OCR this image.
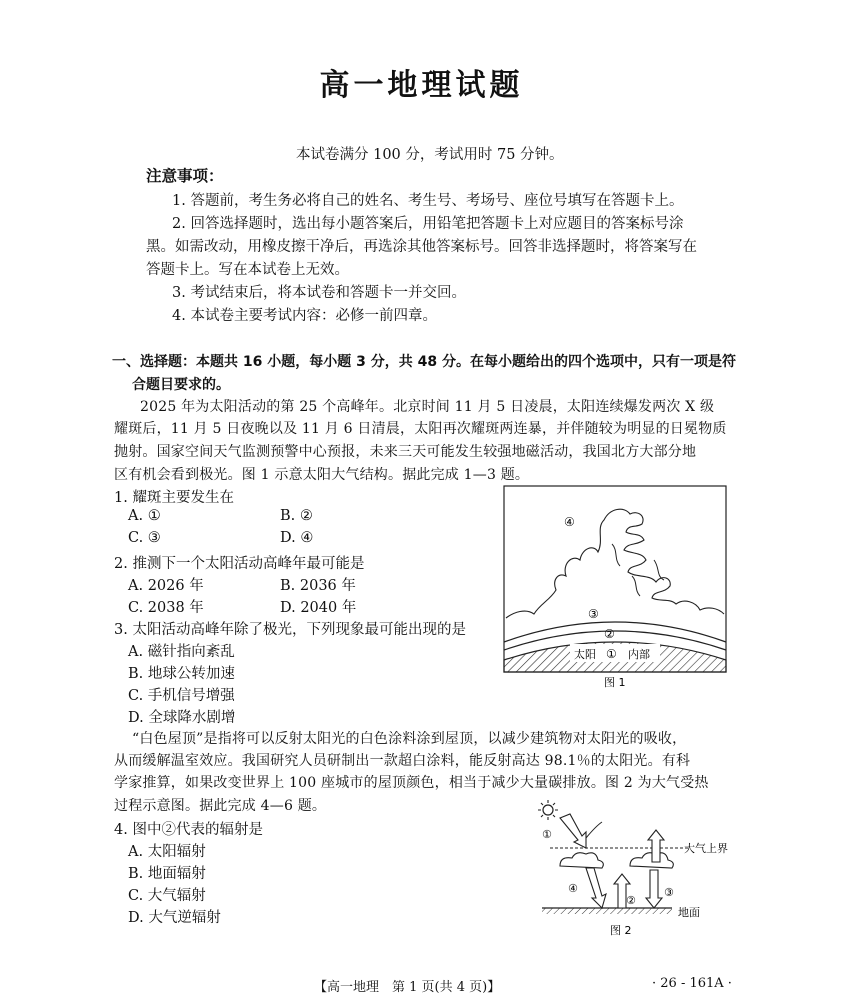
高一地理试题
本试卷满分 100 分，考试用时 75 分钟。
注意事项：
1. 答题前，考生务必将自己的姓名、考生号、考场号、座位号填写在答题卡上。
2. 回答选择题时，选出每小题答案后，用铅笔把答题卡上对应题目的答案标号涂
黑。如需改动，用橡皮擦干净后，再选涂其他答案标号。回答非选择题时，将答案写在
答题卡上。写在本试卷上无效。
3. 考试结束后，将本试卷和答题卡一并交回。
4. 本试卷主要考试内容：必修一前四章。
一、选择题：本题共 16 小题，每小题 3 分，共 48 分。在每小题给出的四个选项中，只有一项是符
合题目要求的。
2025 年为太阳活动的第 25 个高峰年。北京时间 11 月 5 日凌晨，太阳连续爆发两次 X 级
耀斑后，11 月 5 日夜晚以及 11 月 6 日清晨，太阳再次耀斑两连暴，并伴随较为明显的日冕物质
抛射。国家空间天气监测预警中心预报，未来三天可能发生较强地磁活动，我国北方大部分地
区有机会看到极光。图 1 示意太阳大气结构。据此完成 1—3 题。
1. 耀斑主要发生在
A. ①	B. ②
C. ③	D. ④
2. 推测下一个太阳活动高峰年最可能是
A. 2026 年	B. 2036 年
C. 2038 年	D. 2040 年
3. 太阳活动高峰年除了极光，下列现象最可能出现的是
A. 磁针指向紊乱
B. 地球公转加速
C. 手机信号增强
D. 全球降水剧增
④
③
②
太阳 ① 内部
图 1
“白色屋顶”是指将可以反射太阳光的白色涂料涂到屋顶，以减少建筑物对太阳光的吸收，
从而缓解温室效应。我国研究人员研制出一款超白涂料，能反射高达 98.1％的太阳光。有科
学家推算，如果改变世界上 100 座城市的屋顶颜色，相当于减少大量碳排放。图 2 为大气受热
过程示意图。据此完成 4—6 题。
4. 图中②代表的辐射是
A. 太阳辐射
B. 地面辐射
C. 大气辐射
D. 大气逆辐射
大气上界
地面
①
④
②
③
图 2
【高一地理　第 1 页(共 4 页)】	· 26 - 161A ·
